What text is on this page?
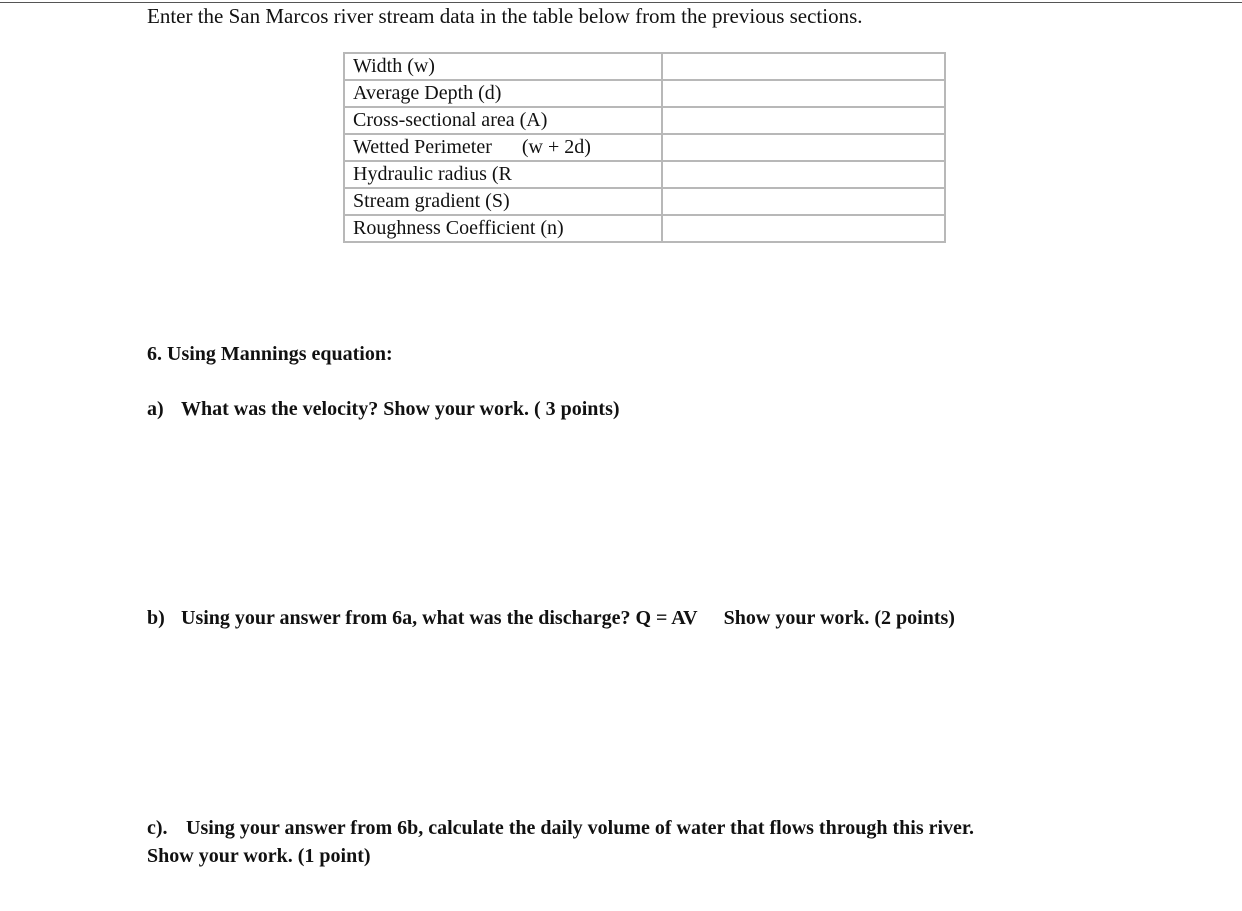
Enter the San Marcos river stream data in the table below from the previous sections.
Width (w)	
Average Depth (d)	
Cross-sectional area (A)	
Wetted Perimeter (w + 2d)	
Hydraulic radius (R	
Stream gradient (S)	
Roughness Coefficient (n)	
6. Using Mannings equation:
a) What was the velocity? Show your work. ( 3 points)
b) Using your answer from 6a, what was the discharge? Q = AV Show your work. (2 points)
c). Using your answer from 6b, calculate the daily volume of water that flows through this river.
Show your work. (1 point)
